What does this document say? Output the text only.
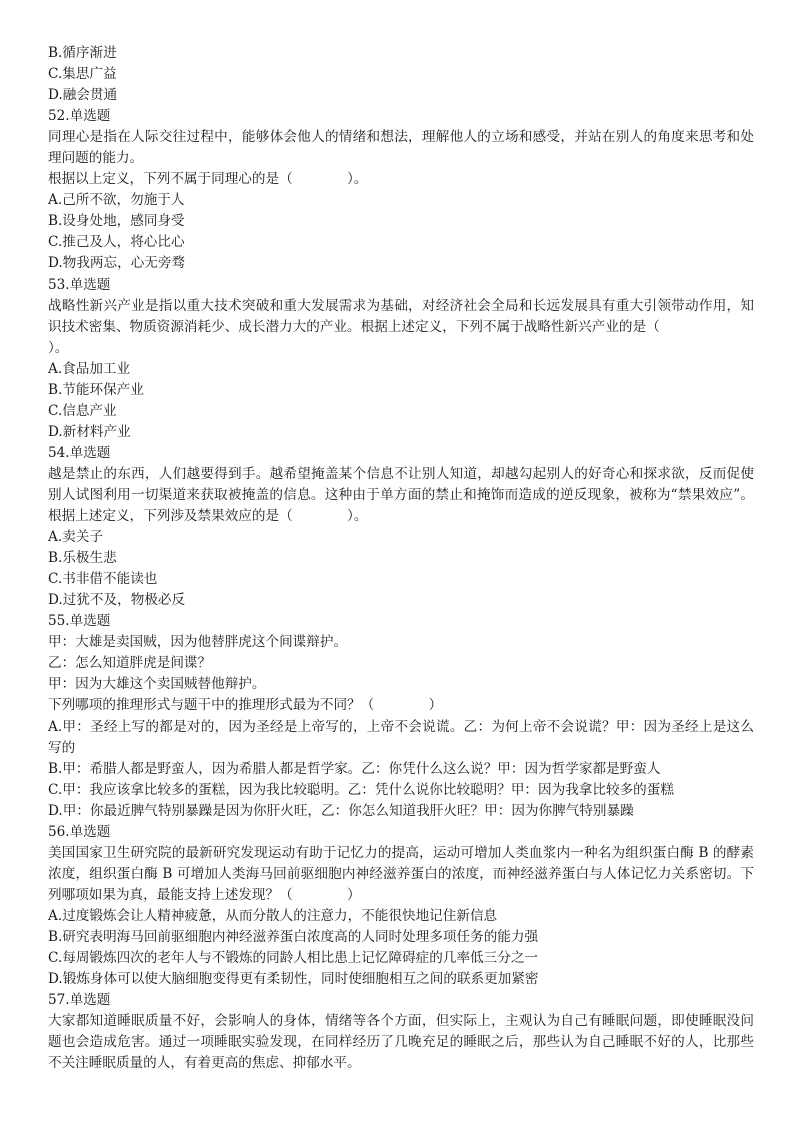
B.循序渐进
C.集思广益
D.融会贯通
52.单选题
同理心是指在人际交往过程中，能够体会他人的情绪和想法，理解他人的立场和感受，并站在别人的角度来思考和处理问题的能力。
根据以上定义，下列不属于同理心的是（　　　　）。
A.己所不欲，勿施于人
B.设身处地，感同身受
C.推己及人，将心比心
D.物我两忘，心无旁骛
53.单选题
战略性新兴产业是指以重大技术突破和重大发展需求为基础，对经济社会全局和长远发展具有重大引领带动作用，知识技术密集、物质资源消耗少、成长潜力大的产业。根据上述定义，下列不属于战略性新兴产业的是（
）。
A.食品加工业
B.节能环保产业
C.信息产业
D.新材料产业
54.单选题
越是禁止的东西，人们越要得到手。越希望掩盖某个信息不让别人知道，却越勾起别人的好奇心和探求欲，反而促使别人试图利用一切渠道来获取被掩盖的信息。这种由于单方面的禁止和掩饰而造成的逆反现象，被称为“禁果效应”。根据上述定义，下列涉及禁果效应的是（　　　　）。
A.卖关子
B.乐极生悲
C.书非借不能读也
D.过犹不及，物极必反
55.单选题
甲：大雄是卖国贼，因为他替胖虎这个间谍辩护。
乙：怎么知道胖虎是间谍？
甲：因为大雄这个卖国贼替他辩护。
下列哪项的推理形式与题干中的推理形式最为不同？（　　　　）
A.甲：圣经上写的都是对的，因为圣经是上帝写的，上帝不会说谎。乙：为何上帝不会说谎？甲：因为圣经上是这么写的
B.甲：希腊人都是野蛮人，因为希腊人都是哲学家。乙：你凭什么这么说？甲：因为哲学家都是野蛮人
C.甲：我应该拿比较多的蛋糕，因为我比较聪明。乙：凭什么说你比较聪明？甲：因为我拿比较多的蛋糕
D.甲：你最近脾气特别暴躁是因为你肝火旺，乙：你怎么知道我肝火旺？甲：因为你脾气特别暴躁
56.单选题
美国国家卫生研究院的最新研究发现运动有助于记忆力的提高，运动可增加人类血浆内一种名为组织蛋白酶 B 的酵素浓度，组织蛋白酶 B 可增加人类海马回前驱细胞内神经滋养蛋白的浓度，而神经滋养蛋白与人体记忆力关系密切。下列哪项如果为真，最能支持上述发现？（　　　　）
A.过度锻炼会让人精神疲惫，从而分散人的注意力，不能很快地记住新信息
B.研究表明海马回前驱细胞内神经滋养蛋白浓度高的人同时处理多项任务的能力强
C.每周锻炼四次的老年人与不锻炼的同龄人相比患上记忆障碍症的几率低三分之一
D.锻炼身体可以使大脑细胞变得更有柔韧性，同时使细胞相互之间的联系更加紧密
57.单选题
大家都知道睡眠质量不好，会影响人的身体，情绪等各个方面，但实际上，主观认为自己有睡眠问题，即使睡眠没问题也会造成危害。通过一项睡眠实验发现，在同样经历了几晚充足的睡眠之后，那些认为自己睡眠不好的人，比那些不关注睡眠质量的人，有着更高的焦虑、抑郁水平。
